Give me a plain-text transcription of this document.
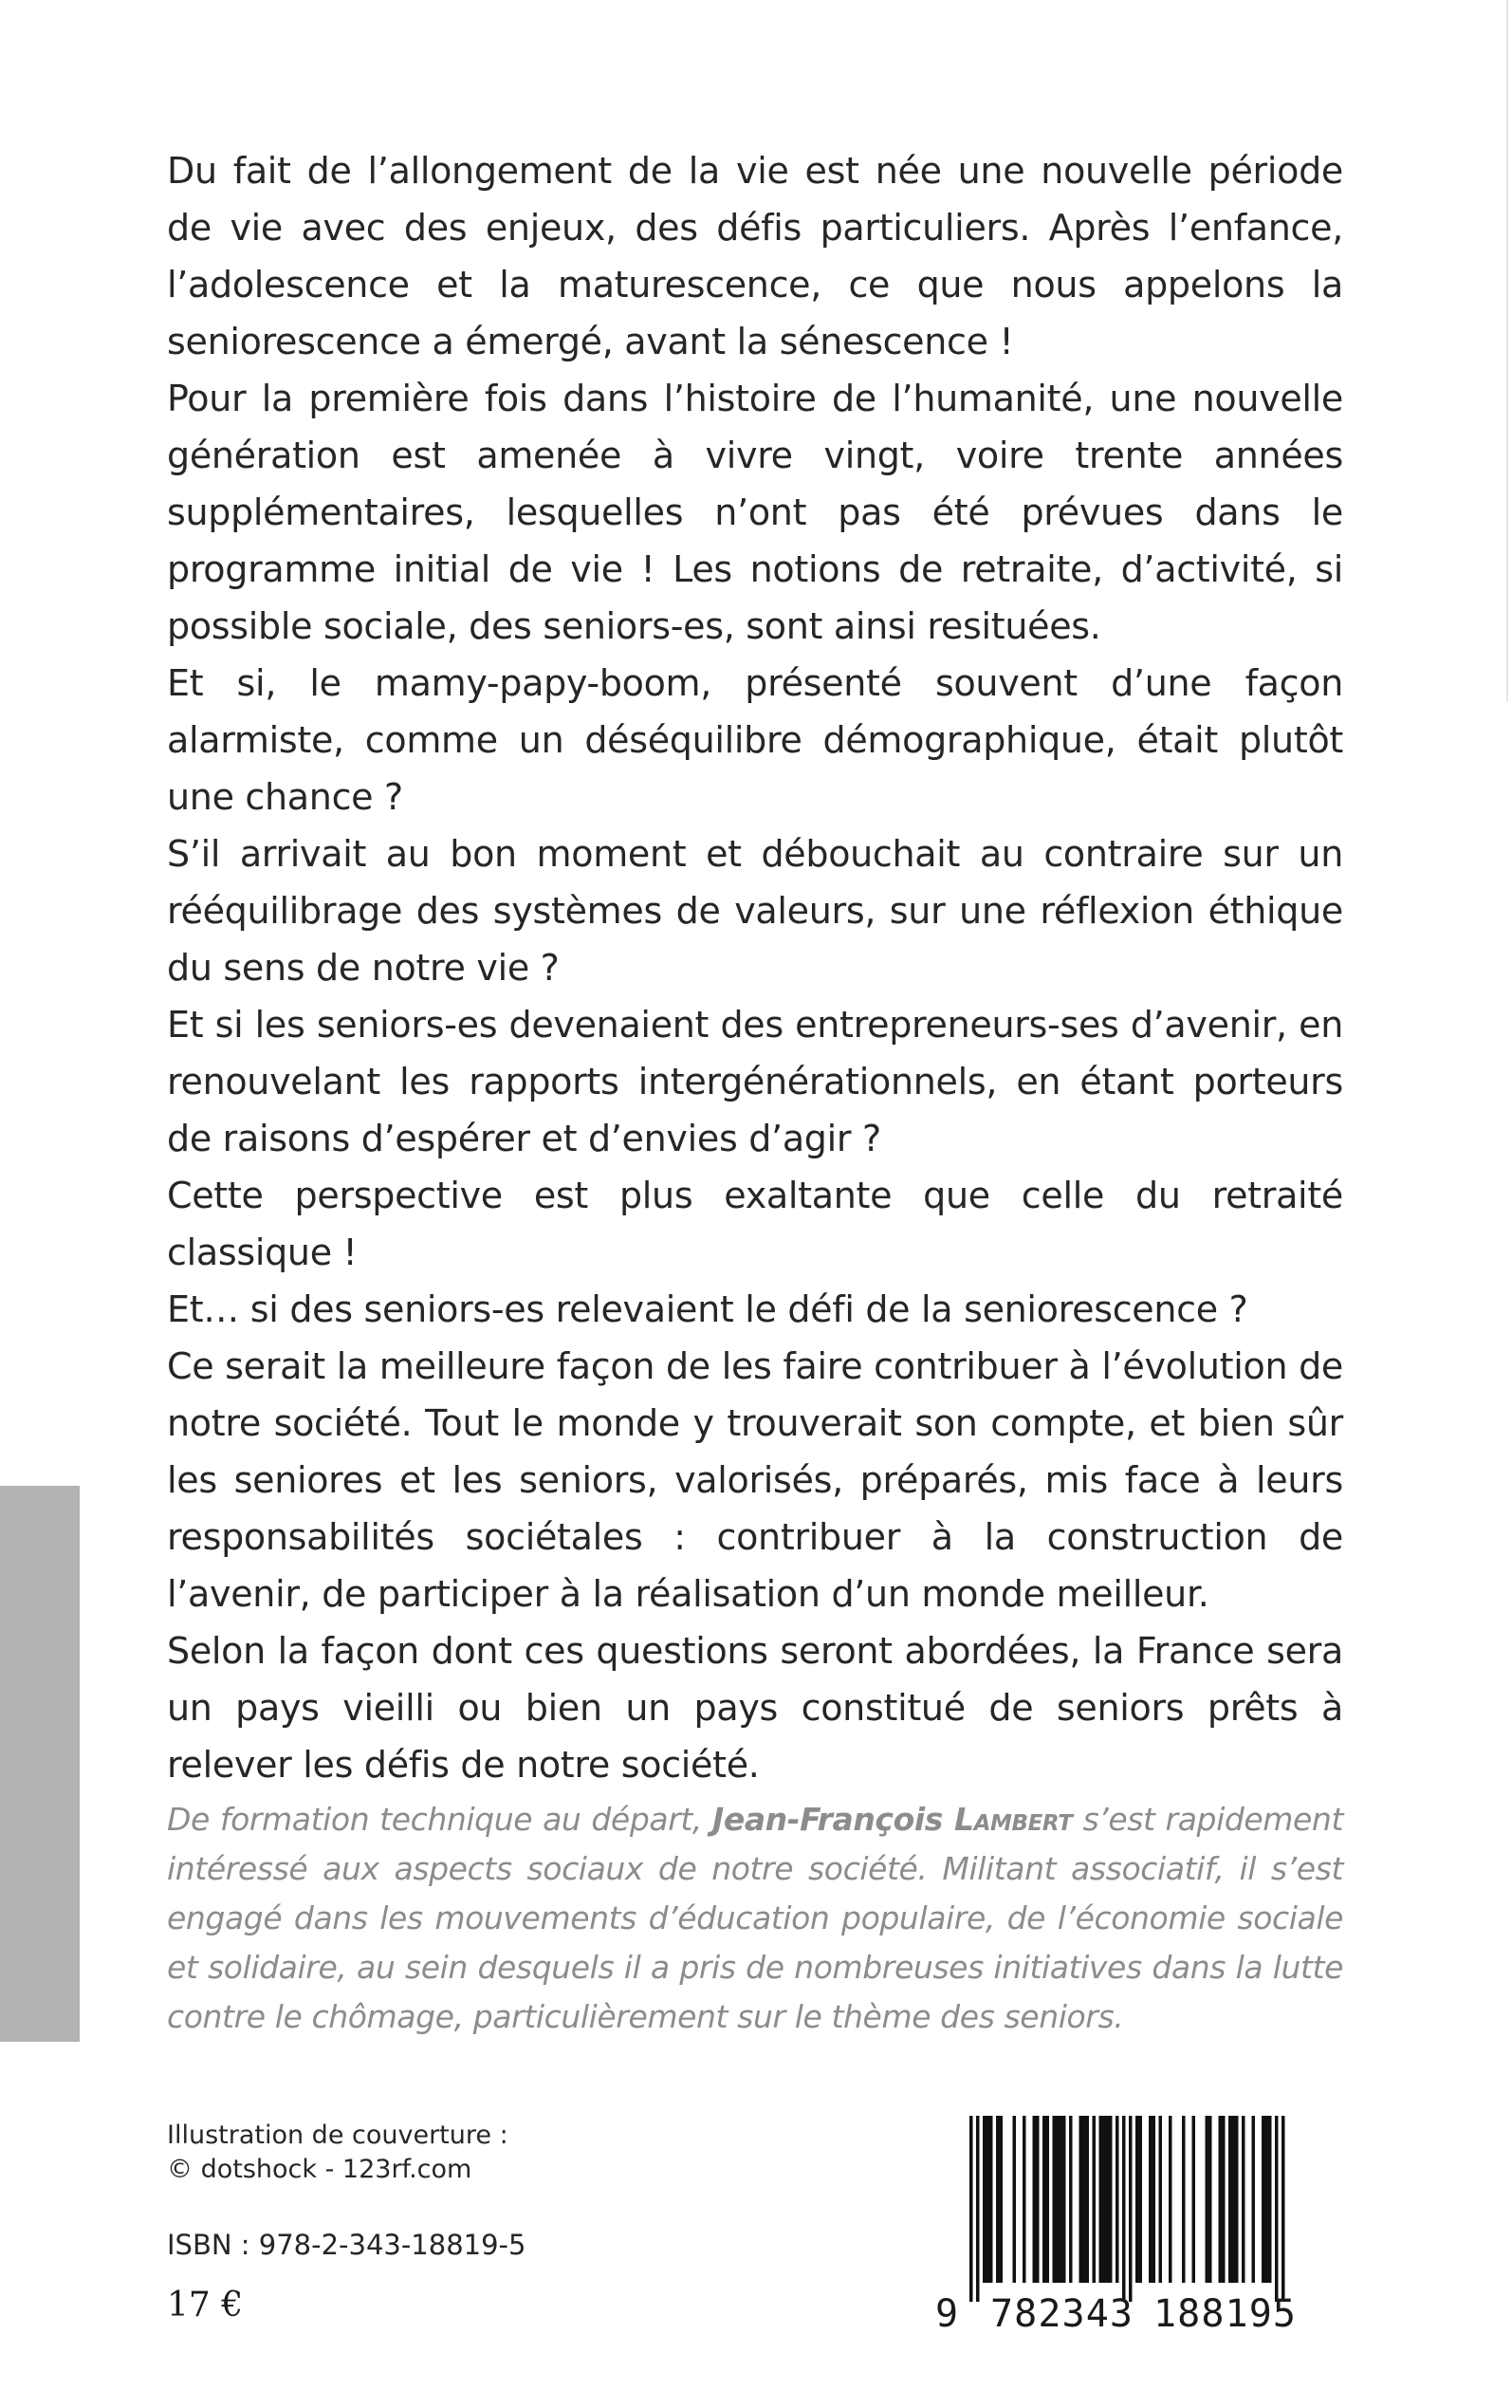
Du fait de l’allongement de la vie est née une nouvelle période de vie avec des enjeux, des défis particuliers. Après l’enfance, l’adolescence et la maturescence, ce que nous appelons la seniorescence a émergé, avant la sénescence !

Pour la première fois dans l’histoire de l’humanité, une nouvelle génération est amenée à vivre vingt, voire trente années supplémentaires, lesquelles n’ont pas été prévues dans le programme initial de vie ! Les notions de retraite, d’activité, si possible sociale, des seniors-es, sont ainsi resituées.

Et si, le mamy-papy-boom, présenté souvent d’une façon alarmiste, comme un déséquilibre démographique, était plutôt une chance ?

S’il arrivait au bon moment et débouchait au contraire sur un rééquilibrage des systèmes de valeurs, sur une réflexion éthique du sens de notre vie ?

Et si les seniors-es devenaient des entrepreneurs-ses d’avenir, en renouvelant les rapports intergénérationnels, en étant porteurs de raisons d’espérer et d’envies d’agir ?

Cette perspective est plus exaltante que celle du retraité classique !

Et… si des seniors-es relevaient le défi de la seniorescence ?

Ce serait la meilleure façon de les faire contribuer à l’évolution de notre société. Tout le monde y trouverait son compte, et bien sûr les seniores et les seniors, valorisés, préparés, mis face à leurs responsabilités sociétales : contribuer à la construction de l’avenir, de participer à la réalisation d’un monde meilleur.

Selon la façon dont ces questions seront abordées, la France sera un pays vieilli ou bien un pays constitué de seniors prêts à relever les défis de notre société.

De formation technique au départ, Jean-François Lambert s’est rapidement intéressé aux aspects sociaux de notre société. Militant associatif, il s’est engagé dans les mouvements d’éducation populaire, de l’économie sociale et solidaire, au sein desquels il a pris de nombreuses initiatives dans la lutte contre le chômage, particulièrement sur le thème des seniors.

Illustration de couverture :
© dotshock - 123rf.com
ISBN : 978-2-343-18819-5
17 €	9 782343 188195
